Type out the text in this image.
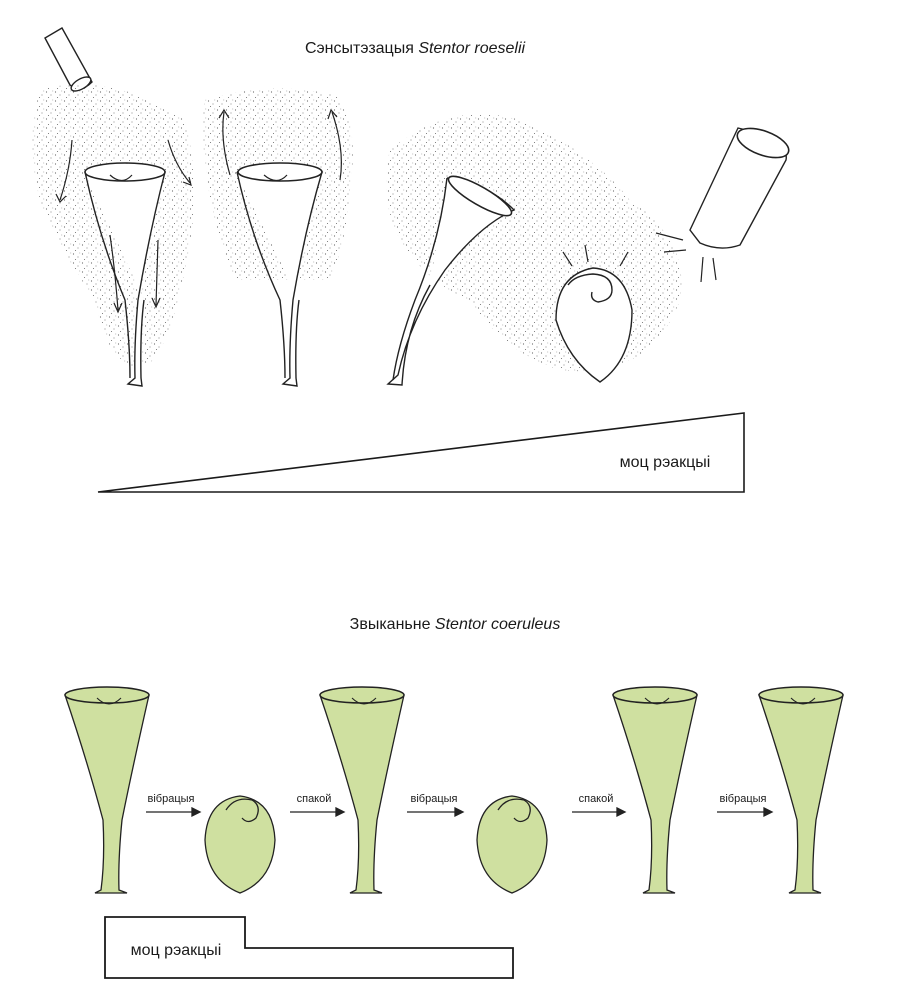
Сэнсытэзацыя Stentor roeselii
моц рэакцыі
Звыканьне Stentor coeruleus
вібрацыя	спакой	вібрацыя	спакой	вібрацыя
моц рэакцыі
